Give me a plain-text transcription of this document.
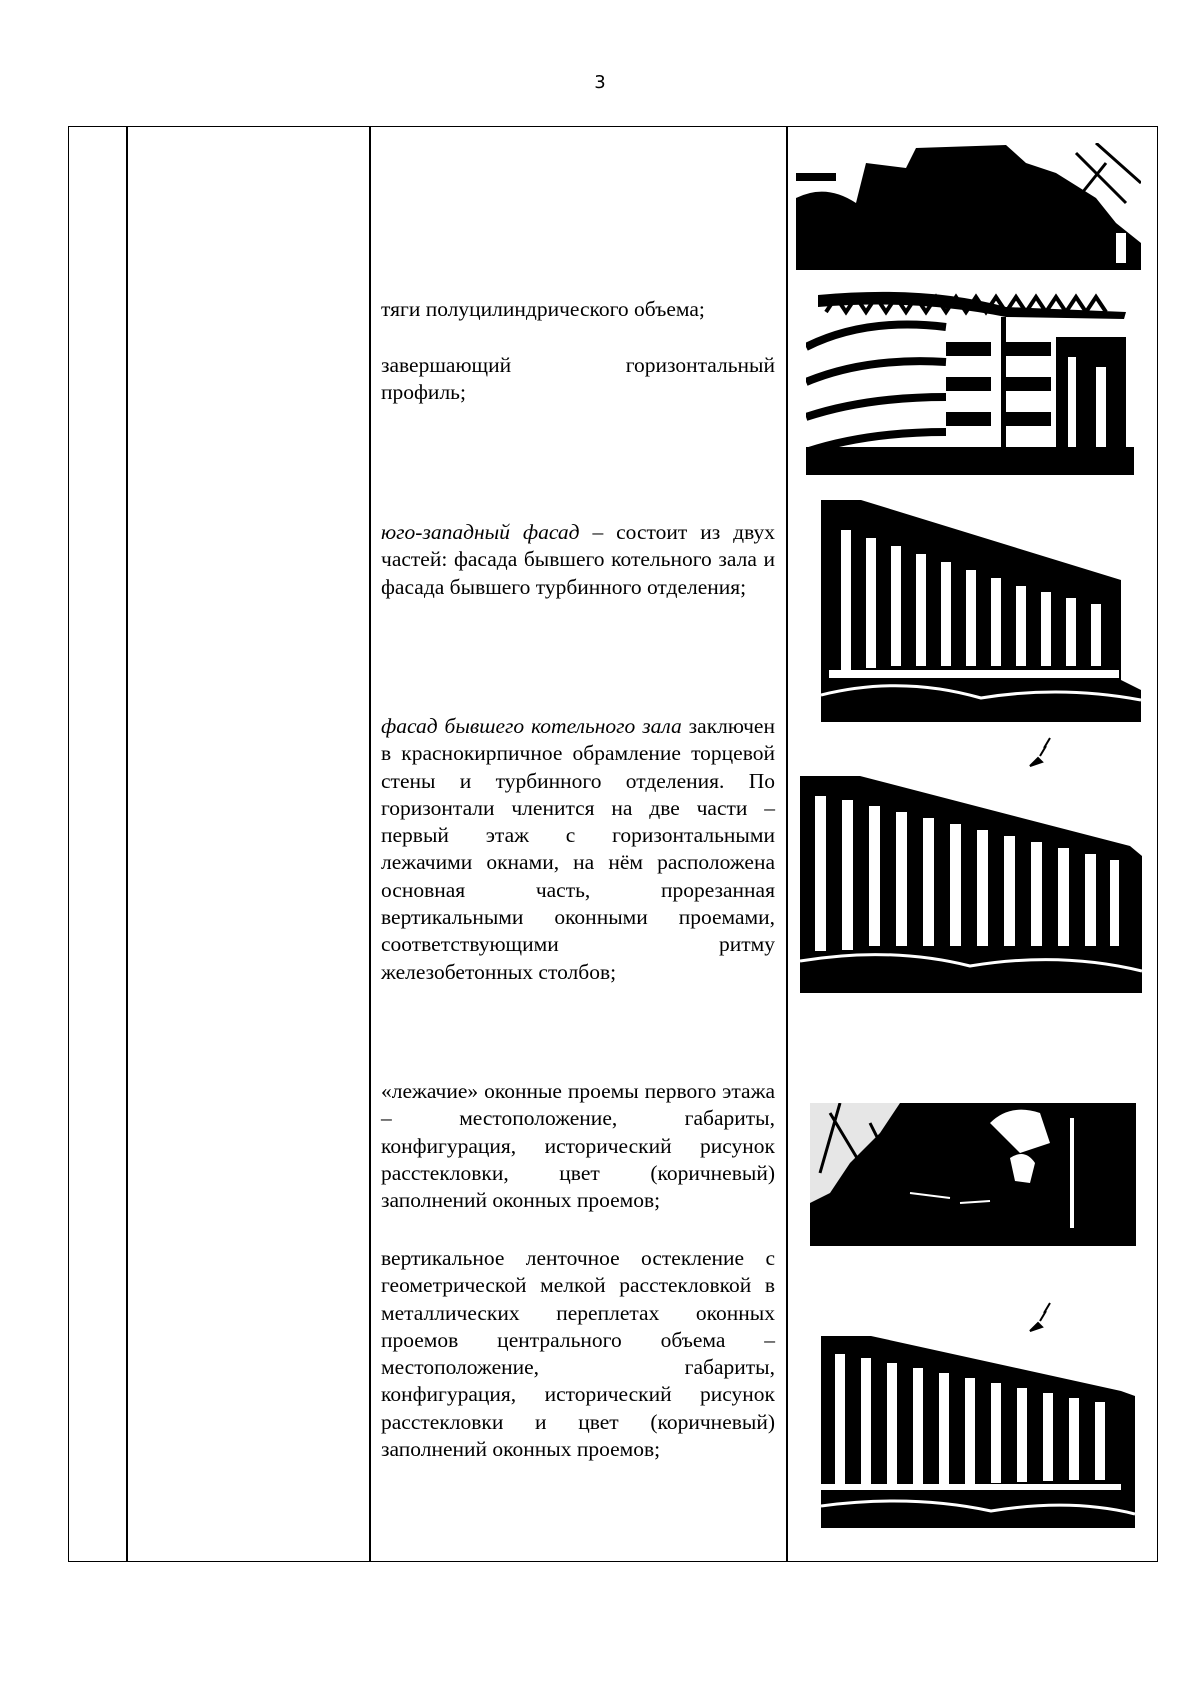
3
тяги полуцилиндрического объема;
завершающий	горизонтальный
профиль;
юго-западный фасад – состоит из двух частей: фасада бывшего котельного зала и фасада бывшего турбинного отделения;
фасад бывшего котельного зала заключен в краснокирпичное обрамление торцевой стены и турбинного отделения. По горизонтали членится на две части – первый этаж с горизонтальными лежачими окнами, на нём расположена основная часть, прорезанная вертикальными оконными проемами, соответствующими ритму железобетонных столбов;
«лежачие» оконные проемы первого этажа – местоположение, габариты, конфигурация, исторический рисунок расстекловки, цвет (коричневый) заполнений оконных проемов;
вертикальное ленточное остекление с геометрической мелкой расстекловкой в металлических переплетах оконных проемов центрального объема – местоположение, габариты, конфигурация, исторический рисунок расстекловки и цвет (коричневый) заполнений оконных проемов;
